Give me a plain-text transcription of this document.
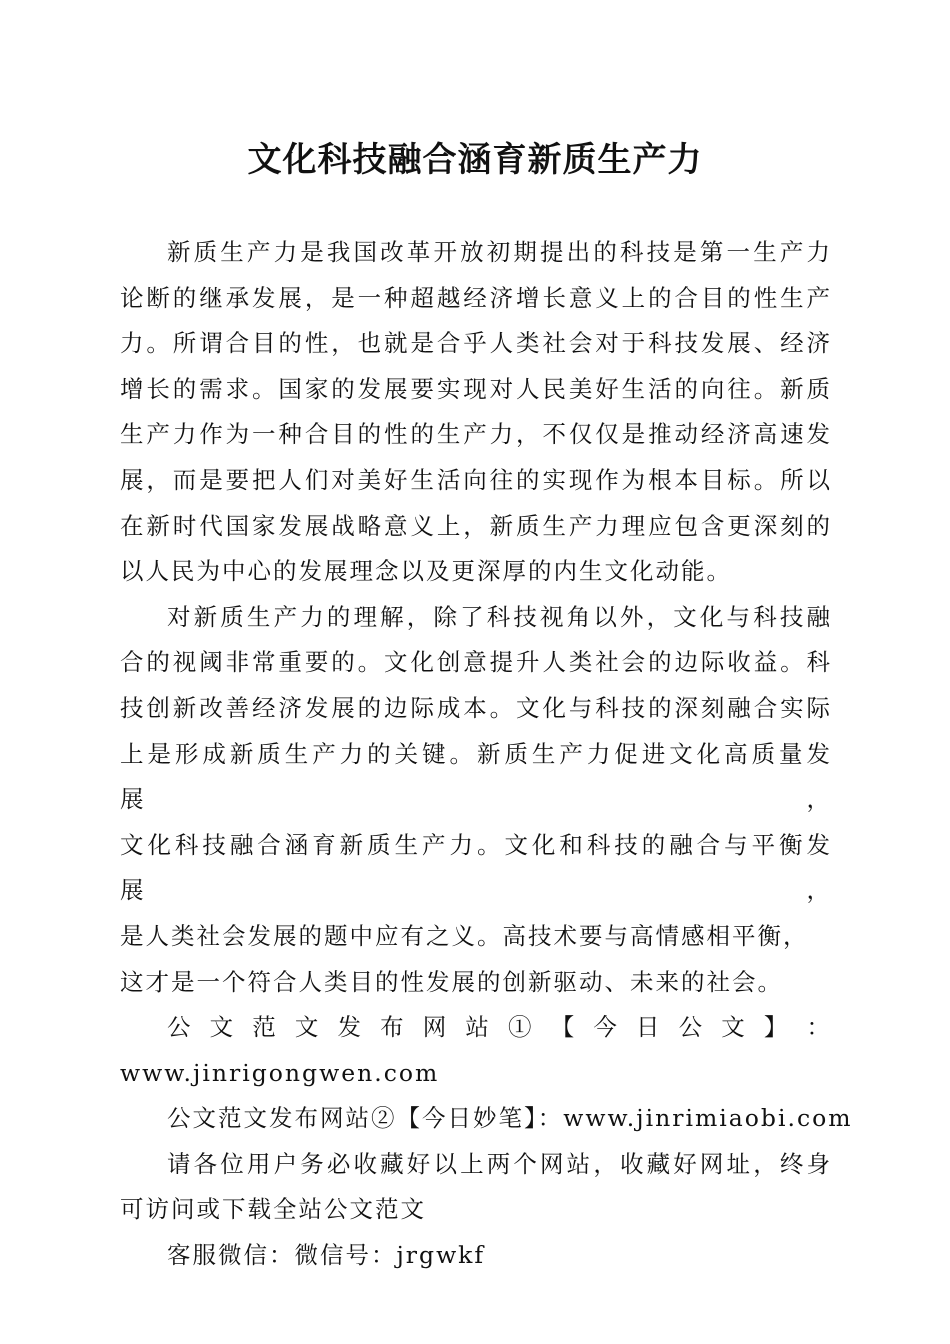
文化科技融合涵育新质生产力
新质生产力是我国改革开放初期提出的科技是第一生产力
论断的继承发展，是一种超越经济增长意义上的合目的性生产
力。所谓合目的性，也就是合乎人类社会对于科技发展、经济
增长的需求。国家的发展要实现对人民美好生活的向往。新质
生产力作为一种合目的性的生产力，不仅仅是推动经济高速发
展，而是要把人们对美好生活向往的实现作为根本目标。所以
在新时代国家发展战略意义上，新质生产力理应包含更深刻的
以人民为中心的发展理念以及更深厚的内生文化动能。
对新质生产力的理解，除了科技视角以外，文化与科技融
合的视阈非常重要的。文化创意提升人类社会的边际收益。科
技创新改善经济发展的边际成本。文化与科技的深刻融合实际
上是形成新质生产力的关键。新质生产力促进文化高质量发展，
文化科技融合涵育新质生产力。文化和科技的融合与平衡发展，
是人类社会发展的题中应有之义。高技术要与高情感相平衡，
这才是一个符合人类目的性发展的创新驱动、未来的社会。
公 文 范 文 发 布 网 站 ① 【 今 日 公 文 】 ：
www.jinrigongwen.com
公文范文发布网站②【今日妙笔】：www.jinrimiaobi.com
请各位用户务必收藏好以上两个网站，收藏好网址，终身
可访问或下载全站公文范文
客服微信：微信号：jrgwkf
